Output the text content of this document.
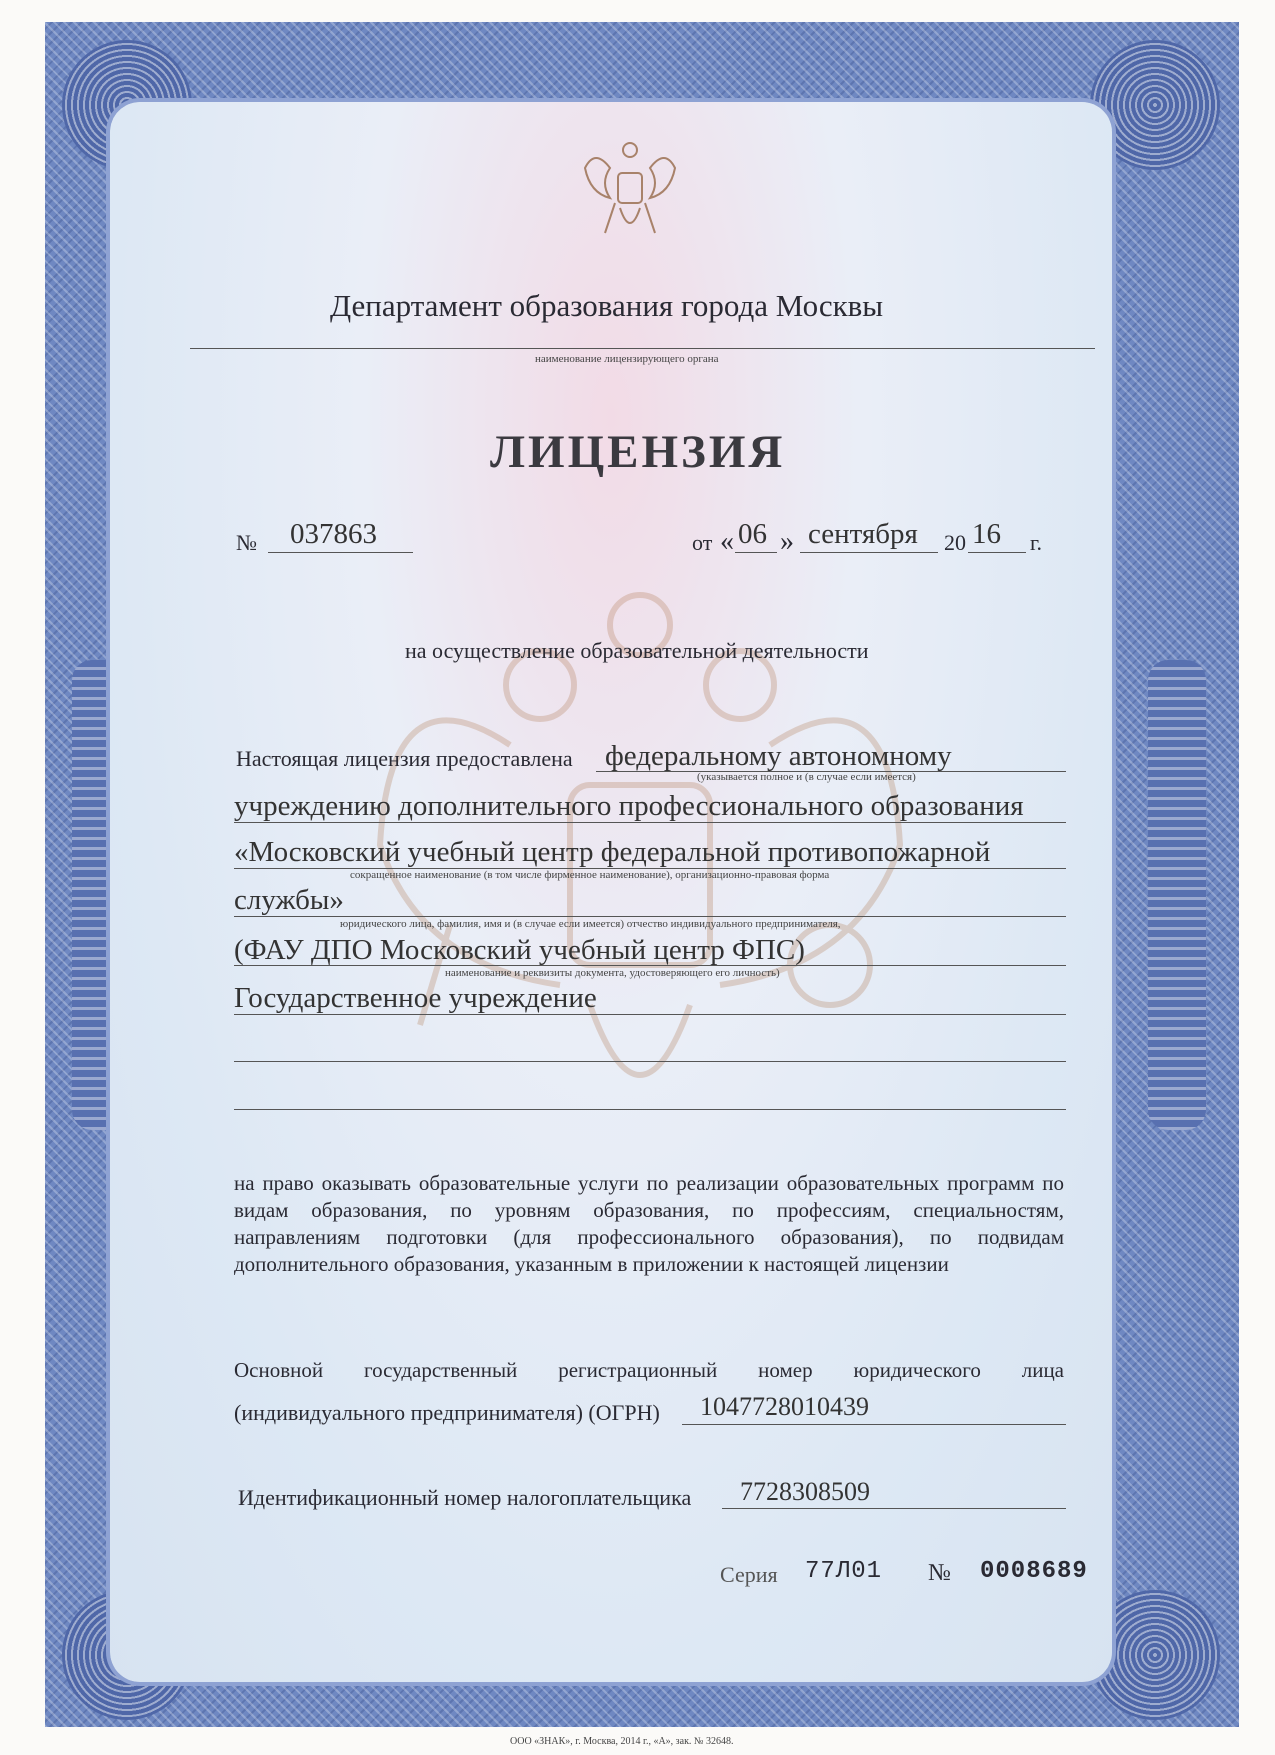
Департамент образования города Москвы
наименование лицензирующего органа
ЛИЦЕНЗИЯ
№ 037863	от « 06 » сентября 20 16 г.
на осуществление образовательной деятельности
Настоящая лицензия предоставлена федеральному автономному
(указывается полное и (в случае если имеется)
учреждению дополнительного профессионального образования
«Московский учебный центр федеральной противопожарной
сокращенное наименование (в том числе фирменное наименование), организационно-правовая форма
службы»
юридического лица, фамилия, имя и (в случае если имеется) отчество индивидуального предпринимателя,
(ФАУ ДПО Московский учебный центр ФПС)
наименование и реквизиты документа, удостоверяющего его личность)
Государственное учреждение
на право оказывать образовательные услуги по реализации образовательных программ по видам образования, по уровням образования, по профессиям, специальностям, направлениям подготовки (для профессионального образования), по подвидам дополнительного образования, указанным в приложении к настоящей лицензии
Основной государственный регистрационный номер юридического лица
(индивидуального предпринимателя) (ОГРН) 1047728010439
Идентификационный номер налогоплательщика 7728308509
Серия 77Л01 № 0008689
ООО «ЗНАК», г. Москва, 2014 г., «А», зак. № 32648.
